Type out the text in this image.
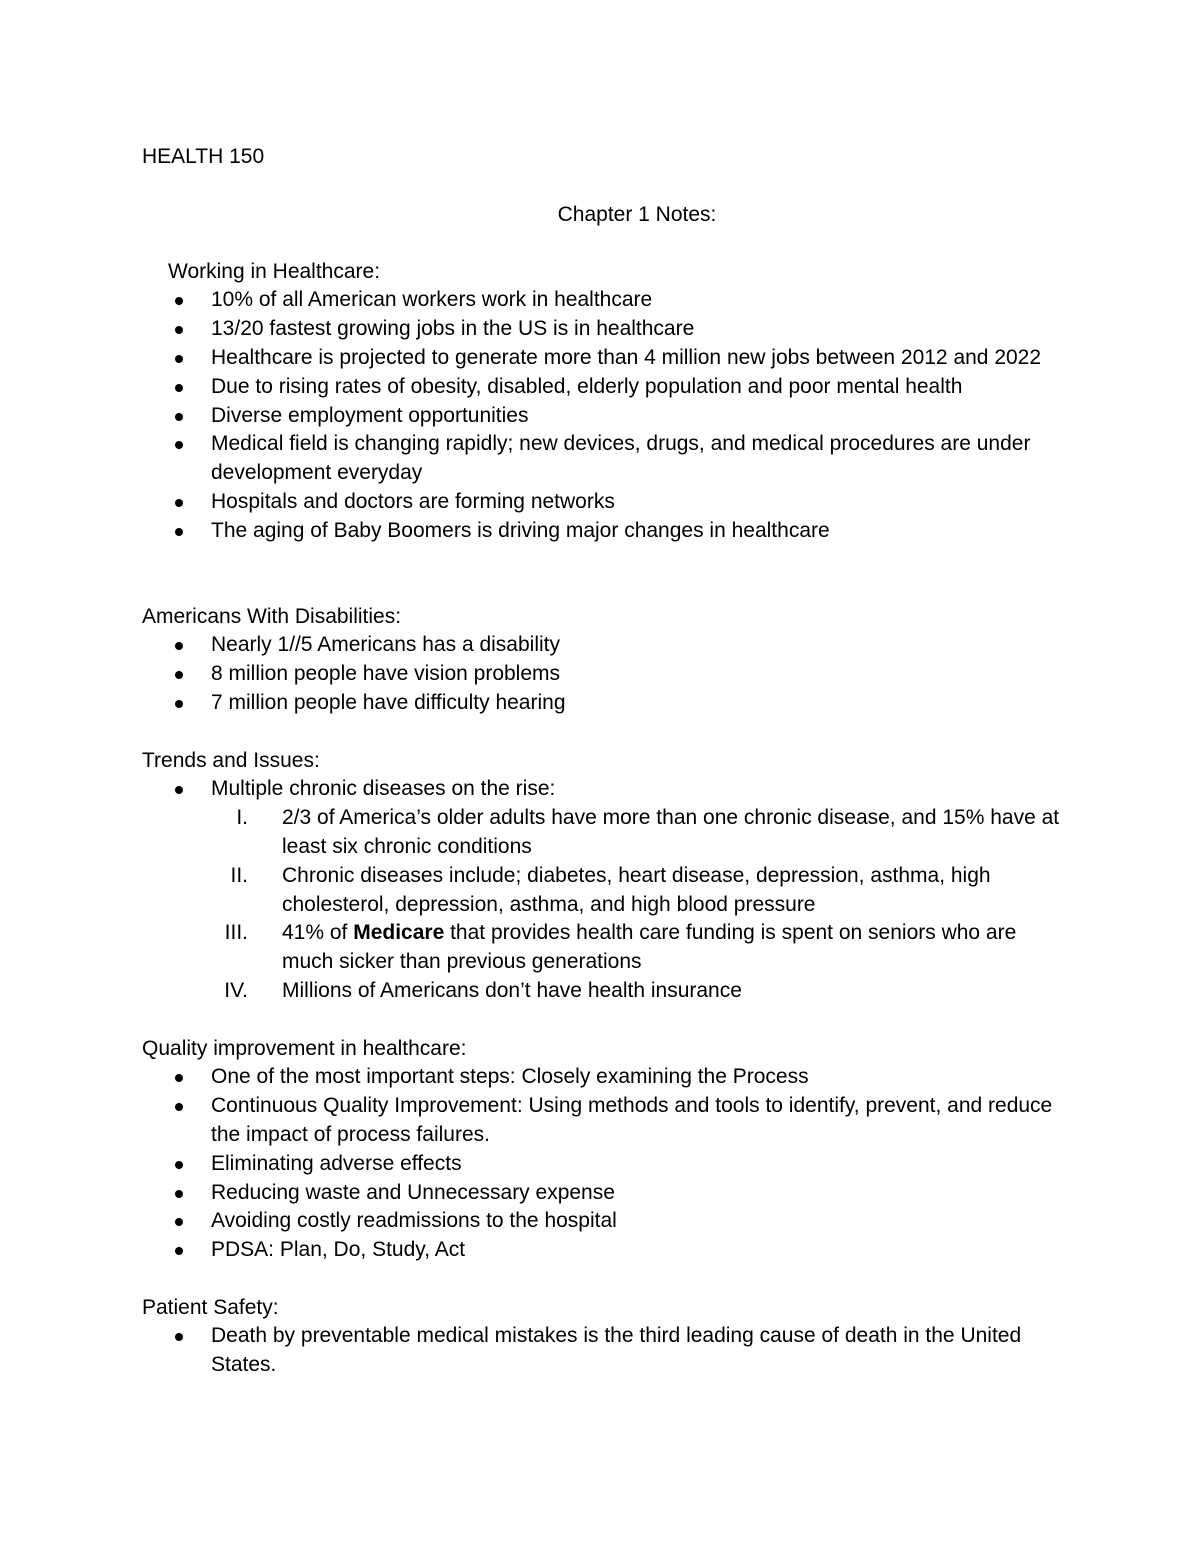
HEALTH 150

Chapter 1 Notes:

Working in Healthcare:

10% of all American workers work in healthcare
13/20 fastest growing jobs in the US is in healthcare
Healthcare is projected to generate more than 4 million new jobs between 2012 and 2022
Due to rising rates of obesity, disabled, elderly population and poor mental health
Diverse employment opportunities
Medical field is changing rapidly; new devices, drugs, and medical procedures are under development everyday
Hospitals and doctors are forming networks
The aging of Baby Boomers is driving major changes in healthcare

Americans With Disabilities:

Nearly 1//5 Americans has a disability
8 million people have vision problems
7 million people have difficulty hearing

Trends and Issues:

Multiple chronic diseases on the rise:
I. 2/3 of America’s older adults have more than one chronic disease, and 15% have at least six chronic conditions
II. Chronic diseases include; diabetes, heart disease, depression, asthma, high cholesterol, depression, asthma, and high blood pressure
III. 41% of Medicare that provides health care funding is spent on seniors who are much sicker than previous generations
IV. Millions of Americans don’t have health insurance

Quality improvement in healthcare:

One of the most important steps: Closely examining the Process
Continuous Quality Improvement: Using methods and tools to identify, prevent, and reduce the impact of process failures.
Eliminating adverse effects
Reducing waste and Unnecessary expense
Avoiding costly readmissions to the hospital
PDSA: Plan, Do, Study, Act

Patient Safety:

Death by preventable medical mistakes is the third leading cause of death in the United States.
